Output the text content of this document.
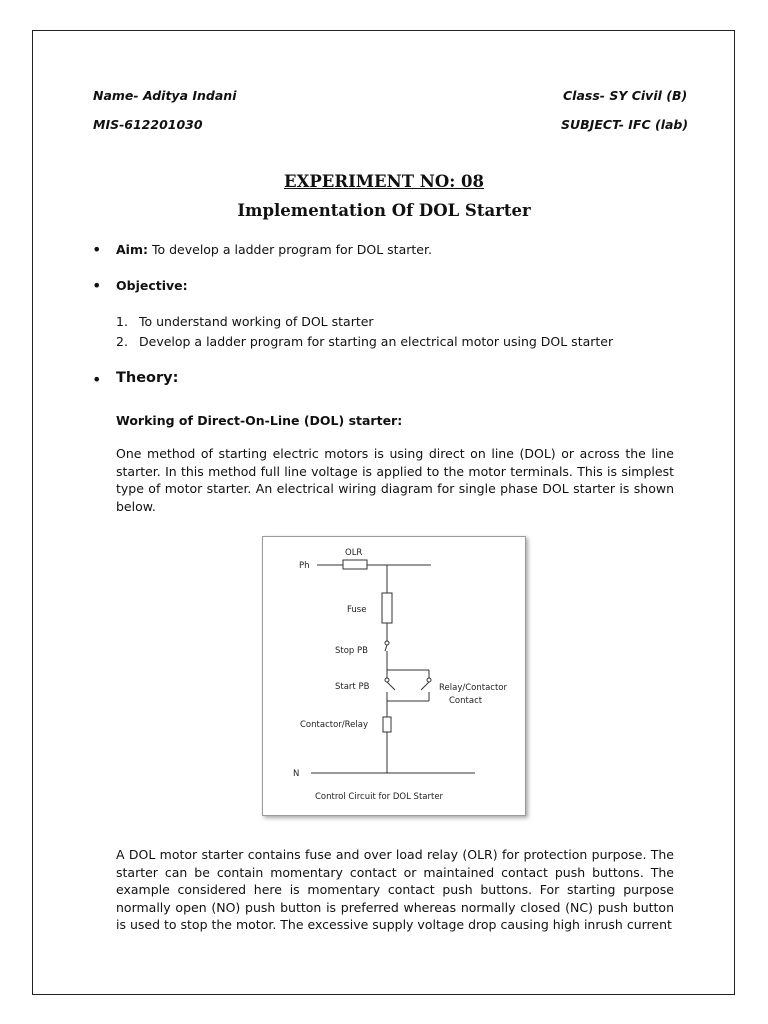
Name- Aditya Indani
MIS-612201030
Class- SY Civil (B)
SUBJECT- IFC (lab)
EXPERIMENT NO: 08
Implementation Of DOL Starter
• Aim: To develop a ladder program for DOL starter.
• Objective:
1. To understand working of DOL starter
2. Develop a ladder program for starting an electrical motor using DOL starter
• Theory:
Working of Direct-On-Line (DOL) starter:
One method of starting electric motors is using direct on line (DOL) or across the line starter. In this method full line voltage is applied to the motor terminals. This is simplest type of motor starter. An electrical wiring diagram for single phase DOL starter is shown below.
OLR
Ph
Fuse
Stop PB
Start PB	Relay/Contactor
Contact
Contactor/Relay
N
Control Circuit for DOL Starter
A DOL motor starter contains fuse and over load relay (OLR) for protection purpose. The starter can be contain momentary contact or maintained contact push buttons. The example considered here is momentary contact push buttons. For starting purpose normally open (NO) push button is preferred whereas normally closed (NC) push button is used to stop the motor. The excessive supply voltage drop causing high inrush current
